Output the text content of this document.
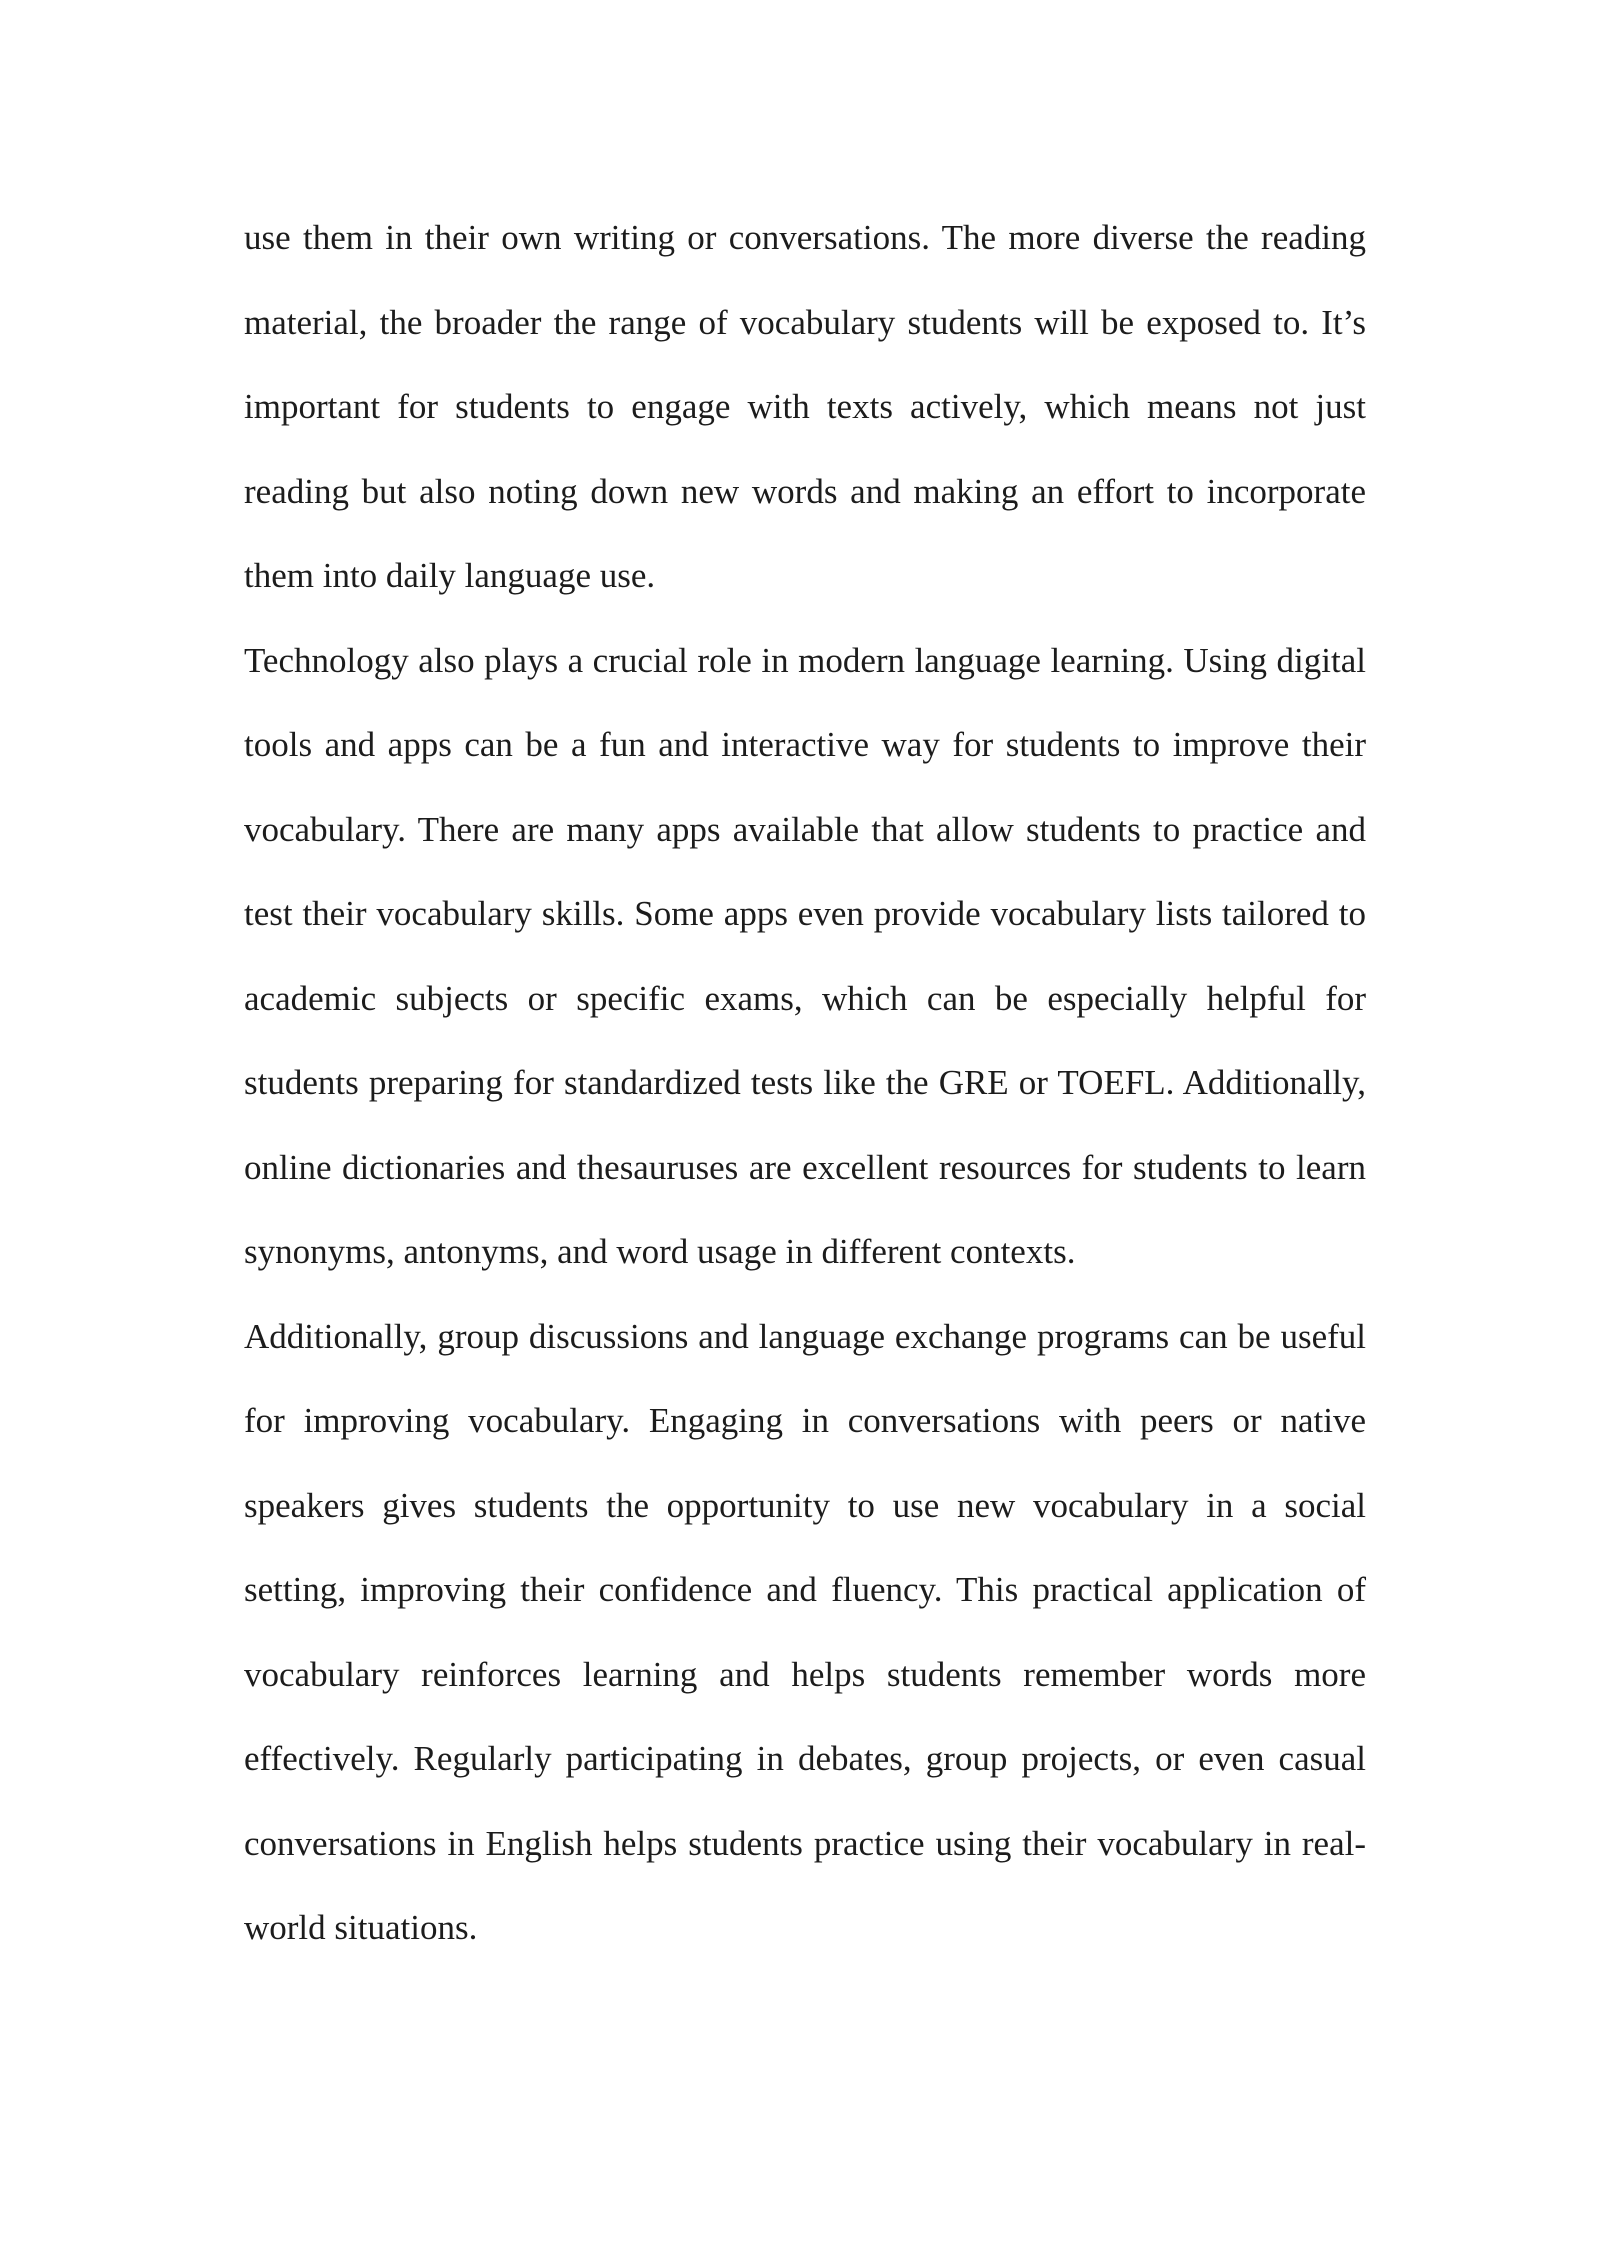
use them in their own writing or conversations. The more diverse the reading material, the broader the range of vocabulary students will be exposed to. It’s important for students to engage with texts actively, which means not just reading but also noting down new words and making an effort to incorporate them into daily language use.

Technology also plays a crucial role in modern language learning. Using digital tools and apps can be a fun and interactive way for students to improve their vocabulary. There are many apps available that allow students to practice and test their vocabulary skills. Some apps even provide vocabulary lists tailored to academic subjects or specific exams, which can be especially helpful for students preparing for standardized tests like the GRE or TOEFL. Additionally, online dictionaries and thesauruses are excellent resources for students to learn synonyms, antonyms, and word usage in different contexts.

Additionally, group discussions and language exchange programs can be useful for improving vocabulary. Engaging in conversations with peers or native speakers gives students the opportunity to use new vocabulary in a social setting, improving their confidence and fluency. This practical application of vocabulary reinforces learning and helps students remember words more effectively. Regularly participating in debates, group projects, or even casual conversations in English helps students practice using their vocabulary in real-world situations.
